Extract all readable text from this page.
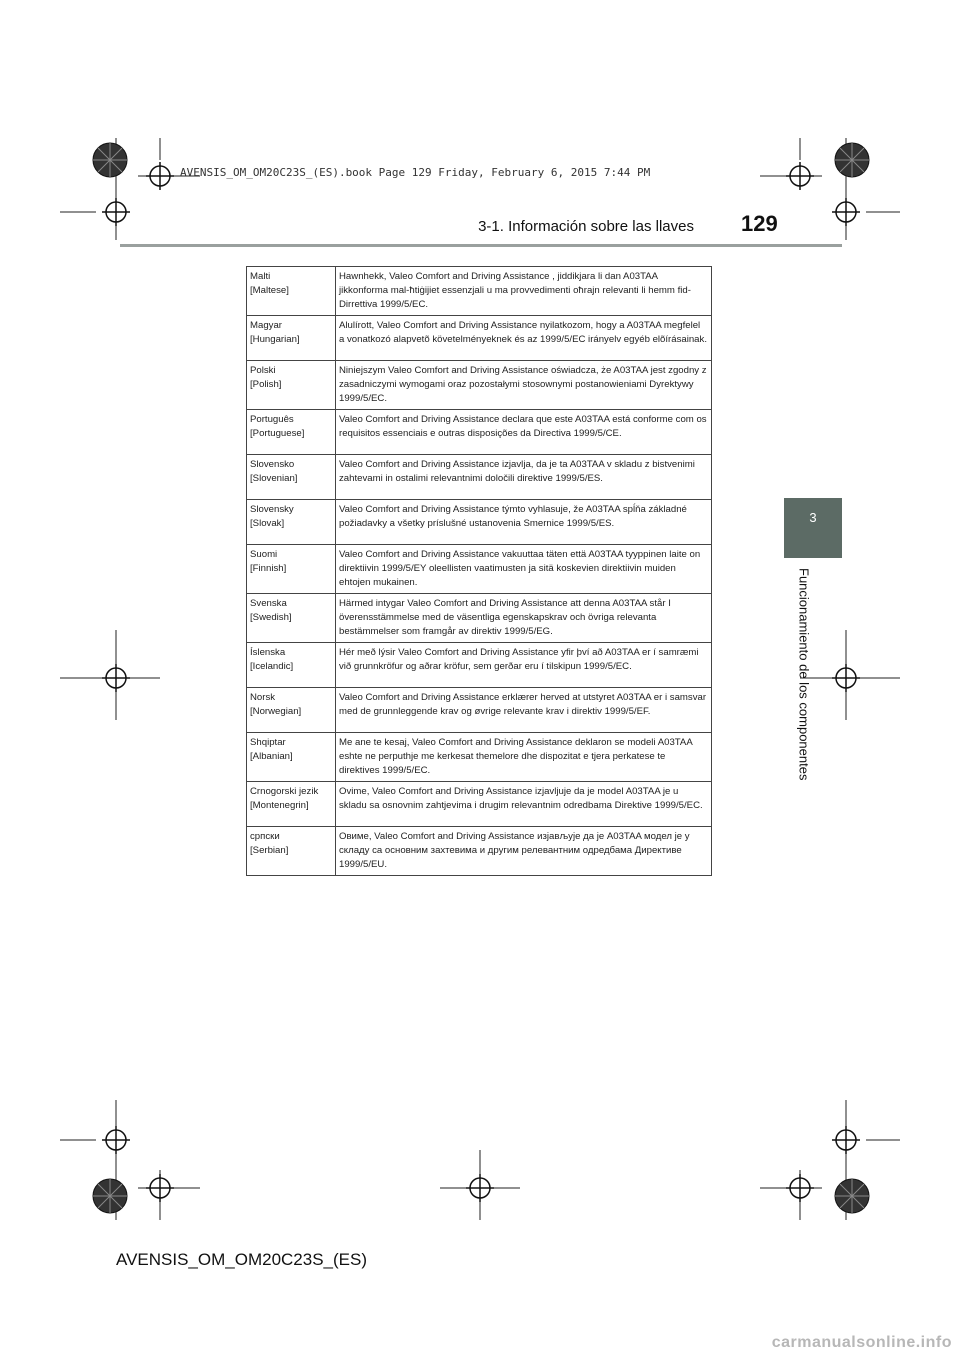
AVENSIS_OM_OM20C23S_(ES).book Page 129 Friday, February 6, 2015 7:44 PM
3-1. Información sobre las llaves 129
3
Funcionamiento de los componentes
Malti
[Maltese]	Hawnhekk, Valeo Comfort and Driving Assistance , jiddikjara li dan A03TAA jikkonforma mal-ħtiġijiet essenzjali u ma provvedimenti oħrajn relevanti li hemm fid-Dirrettiva 1999/5/EC.

Magyar
[Hungarian]	Alulírott, Valeo Comfort and Driving Assistance nyilatkozom, hogy a A03TAA megfelel a vonatkozó alapvetõ követelményeknek és az 1999/5/EC irányelv egyéb elõírásainak.

Polski
[Polish]	Niniejszym Valeo Comfort and Driving Assistance oświadcza, że A03TAA jest zgodny z zasadniczymi wymogami oraz pozostałymi stosownymi postanowieniami Dyrektywy 1999/5/EC.

Português
[Portuguese]	Valeo Comfort and Driving Assistance declara que este A03TAA está conforme com os requisitos essenciais e outras disposições da Directiva 1999/5/CE.

Slovensko
[Slovenian]	Valeo Comfort and Driving Assistance izjavlja, da je ta A03TAA v skladu z bistvenimi zahtevami in ostalimi relevantnimi določili direktive 1999/5/ES.

Slovensky
[Slovak]	Valeo Comfort and Driving Assistance týmto vyhlasuje, že A03TAA spĺňa základné požiadavky a všetky príslušné ustanovenia Smernice 1999/5/ES.

Suomi
[Finnish]	Valeo Comfort and Driving Assistance vakuuttaa täten että A03TAA tyyppinen laite on direktiivin 1999/5/EY oleellisten vaatimusten ja sitä koskevien direktiivin muiden ehtojen mukainen.

Svenska
[Swedish]	Härmed intygar Valeo Comfort and Driving Assistance att denna A03TAA står I överensstämmelse med de väsentliga egenskapskrav och övriga relevanta bestämmelser som framgår av direktiv 1999/5/EG.

Íslenska
[Icelandic]	Hér með lýsir Valeo Comfort and Driving Assistance yfir því að A03TAA er í samræmi við grunnkröfur og aðrar kröfur, sem gerðar eru í tilskipun 1999/5/EC.

Norsk
[Norwegian]	Valeo Comfort and Driving Assistance erklærer herved at utstyret A03TAA er i samsvar med de grunnleggende krav og øvrige relevante krav i direktiv 1999/5/EF.

Shqiptar
[Albanian]	Me ane te kesaj, Valeo Comfort and Driving Assistance deklaron se modeli A03TAA eshte ne perputhje me kerkesat themelore dhe dispozitat e tjera perkatese te direktives 1999/5/EC.

Crnogorski jezik
[Montenegrin]	Ovime, Valeo Comfort and Driving Assistance izjavljuje da je model A03TAA je u skladu sa osnovnim zahtjevima i drugim relevantnim odredbama Direktive 1999/5/EC.

српски
[Serbian]	Овиме, Valeo Comfort and Driving Assistance изјављује да је A03TAA модел је у складу са основним захтевима и другим релевантним одредбама Директиве 1999/5/EU.
AVENSIS_OM_OM20C23S_(ES)
carmanualsonline.info
